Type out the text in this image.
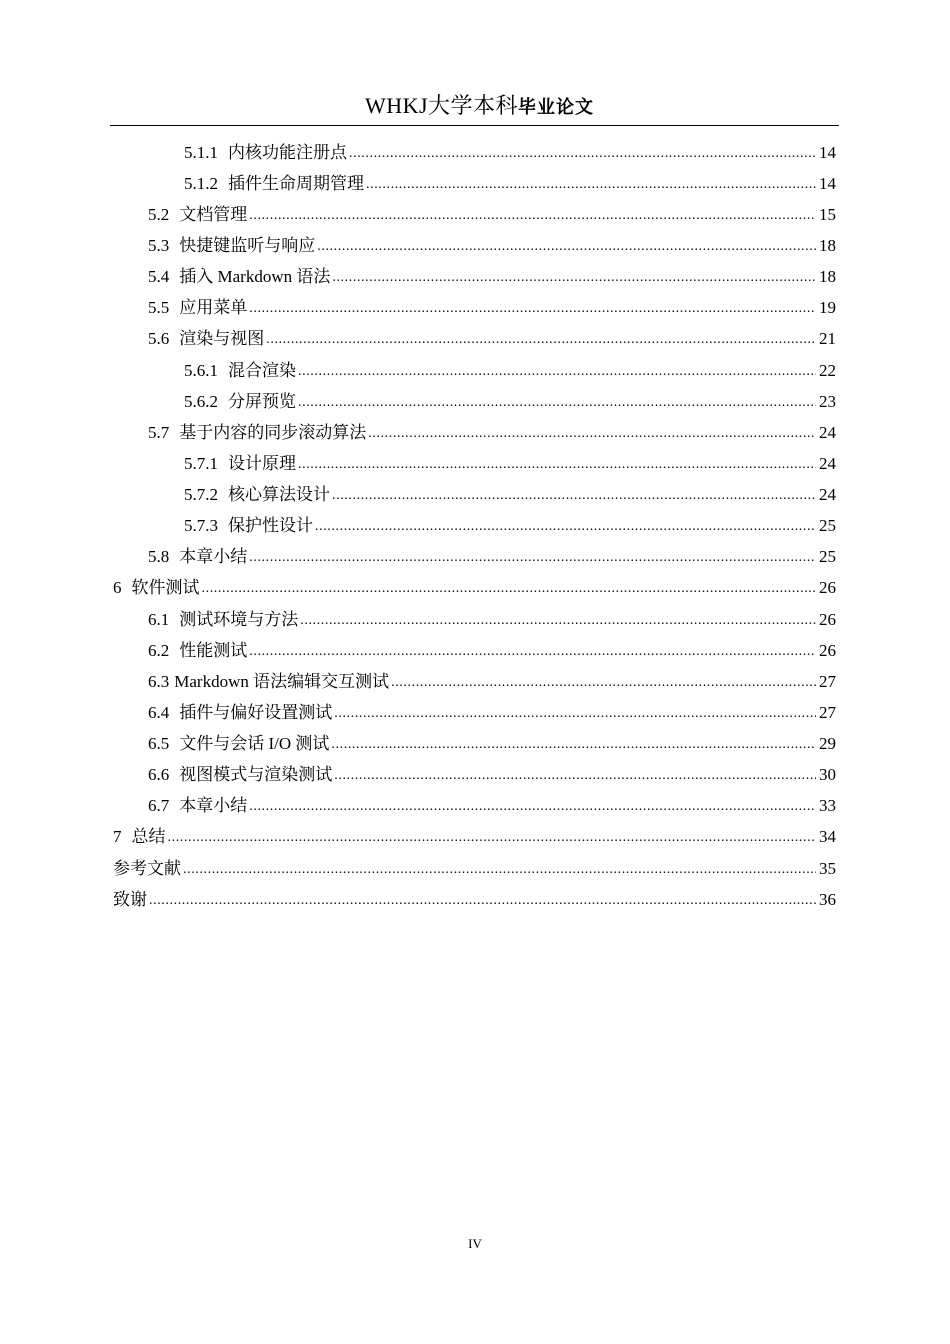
WHKJ大学本科毕业论文
5.1.1 内核功能注册点 .....	14
5.1.2 插件生命周期管理 .....	14
5.2 文档管理 .....	15
5.3 快捷键监听与响应 .....	18
5.4 插入 Markdown 语法 .....	18
5.5 应用菜单 .....	19
5.6 渲染与视图 .....	21
5.6.1 混合渲染 .....	22
5.6.2 分屏预览 .....	23
5.7 基于内容的同步滚动算法 .....	24
5.7.1 设计原理 .....	24
5.7.2 核心算法设计 .....	24
5.7.3 保护性设计 .....	25
5.8 本章小结 .....	25
6 软件测试 .....	26
6.1 测试环境与方法 .....	26
6.2 性能测试 .....	26
6.3 Markdown 语法编辑交互测试 .....	27
6.4 插件与偏好设置测试 .....	27
6.5 文件与会话 I/O 测试 .....	29
6.6 视图模式与渲染测试 .....	30
6.7 本章小结 .....	33
7 总结 .....	34
参考文献 .....	35
致谢 .....	36
IV
